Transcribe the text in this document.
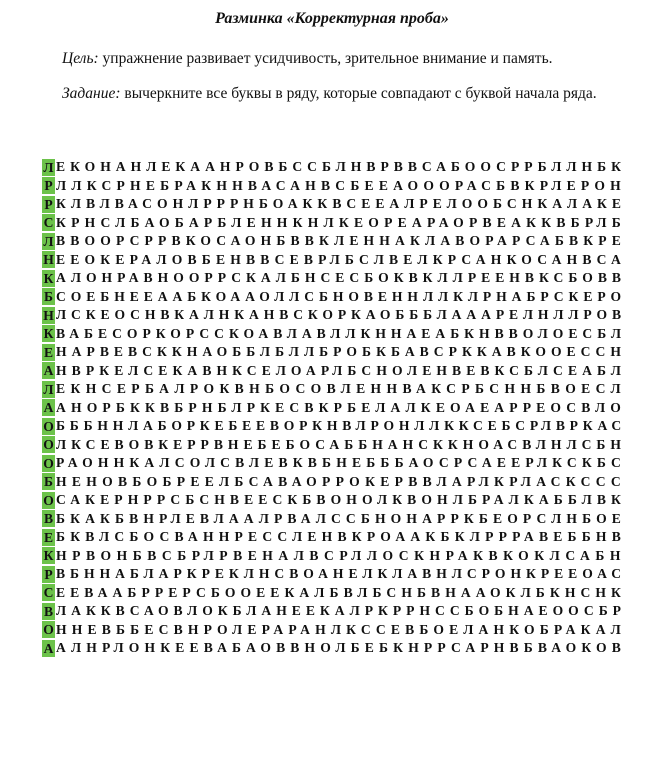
Разминка «Корректурная проба»

Цель: упражнение развивает усидчивость, зрительное внимание и память.

Задание: вычеркните все буквы в ряду, которые совпадают с буквой начала ряда.

Л ЕКОНАНЛЕКААНРОВБССБЛНВРВВСАБООСРРБЛЛНБК
Р ЛЛКСРНЕБРАКННВАСАНВСБЕЕАОООРАСБВКРЛЕРОН
Р КЛВЛВАСОНЛРРРНБОАККВСЕЕАЛРЕЛООБСНКАЛАКЕ
С КРНСЛБАОБАРБЛЕННКНЛКЕОРЕАРАОРВЕАККВБРЛБ
Л ВВООРСРРВКОСАОНБВВКЛЕННАКЛАВОРАРСАБВКРЕ
Н ЕЕОКЕРАЛОВБЕНВВСЕВРЛБСЛВЕЛКРСАНКОСАНВСА
К АЛОНРАВНООРРСКАЛБНСЕСБОКВКЛЛРЕЕНВКСБОВВ
Б СОЕБНЕЕААБКОААОЛЛСБНОВЕННЛЛКЛРНАБРСКЕРО
Н ЛСКЕОСНВКАЛНКАНВСКОРКАОБББЛАААРЕЛНЛЛРОВ
К ВАБЕСОРКОРССКОАВЛАВЛЛКННАЕАБКНВВОЛОЕСБЛ
Е НАРВЕВСККНАОББЛБЛЛБРОБКБАВСРККАВКООЕССН
А НВРКЕЛСЕКАВНКСЕЛОАРЛБСНОЛЕНВЕВКСБЛСЕАБЛ
Л ЕКНСЕРБАЛРОКВНБОСОВЛЕННВАКСРБСННБВОЕСЛ
А АНОРБККВБРНБЛРКЕСВКРБЕЛАЛКЕОАЕАРРЕОСВЛО
О БББННЛАБОРКЕБЕЕВОРКНВЛРОНЛЛККСЕБСРЛВРКАС
О ЛКСЕВОВКЕРРВНЕБЕБОСАББНАНСККНОАСВЛНЛСБН
О РАОННКАЛСОЛСВЛЕВКВБНЕБББАОСРСАЕЕРЛКСКБС
Б НЕНОВБОБРЕЕЛБСАВАОРРОКЕРВВЛАРЛКРЛАСКССС
О САКЕРНРРСБСНВЕЕСКБВОНОЛКВОНЛБРАЛКАББЛВК
В БКАКБВНРЛЕВЛААЛРВАЛССБНОНАРРКБЕОРСЛНБОЕ
Е БКВЛСБОСВАННРЕССЛЕНВКРОААКБКЛРРРАВЕББНВ
К НРВОНБВСБРЛРВЕНАЛВСРЛЛОСКНРАКВКОКЛСАБН
Р ВБННАБЛАРКРЕКЛНСВОАНЕЛКЛАВНЛСРОНКРЕЕОАС
С ЕЕВААБРРЕРСБООЕЕКАЛБВЛБСНБВНААОКЛБКНСНК
В ЛАККВСАОВЛОКБЛАНЕЕКАЛРКРРНССБОБНАЕООСБР
О ННЕВББЕСВНРОЛЕРАРАНЛКССЕВБОЕЛАНКОБРАКАЛ
А АЛНРЛОНКЕЕВАБАОВВНОЛБЕБКНРРСАРНВБВАОКОВ
